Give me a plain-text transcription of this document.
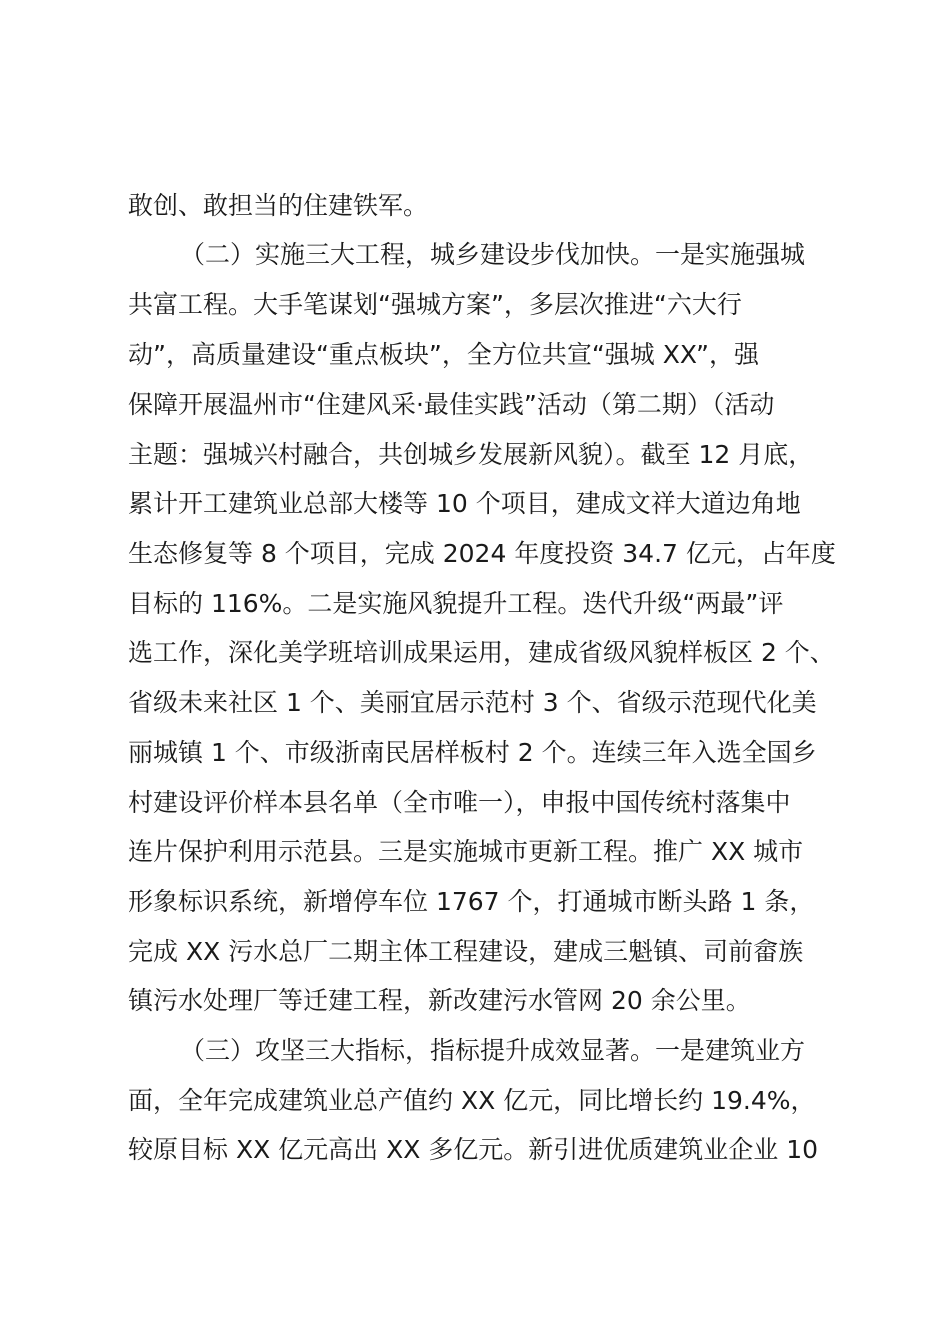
敢创、敢担当的住建铁军。
（二）实施三大工程，城乡建设步伐加快。一是实施强城
共富工程。大手笔谋划“强城方案”，多层次推进“六大行
动”，高质量建设“重点板块”，全方位共宣“强城 XX”，强
保障开展温州市“住建风采·最佳实践”活动（第二期）（活动
主题：强城兴村融合，共创城乡发展新风貌）。截至 12 月底，
累计开工建筑业总部大楼等 10 个项目，建成文祥大道边角地
生态修复等 8 个项目，完成 2024 年度投资 34.7 亿元，占年度
目标的 116%。二是实施风貌提升工程。迭代升级“两最”评
选工作，深化美学班培训成果运用，建成省级风貌样板区 2 个、
省级未来社区 1 个、美丽宜居示范村 3 个、省级示范现代化美
丽城镇 1 个、市级浙南民居样板村 2 个。连续三年入选全国乡
村建设评价样本县名单（全市唯一），申报中国传统村落集中
连片保护利用示范县。三是实施城市更新工程。推广 XX 城市
形象标识系统，新增停车位 1767 个，打通城市断头路 1 条，
完成 XX 污水总厂二期主体工程建设，建成三魁镇、司前畲族
镇污水处理厂等迁建工程，新改建污水管网 20 余公里。
（三）攻坚三大指标，指标提升成效显著。一是建筑业方
面，全年完成建筑业总产值约 XX 亿元，同比增长约 19.4%，
较原目标 XX 亿元高出 XX 多亿元。新引进优质建筑业企业 10
